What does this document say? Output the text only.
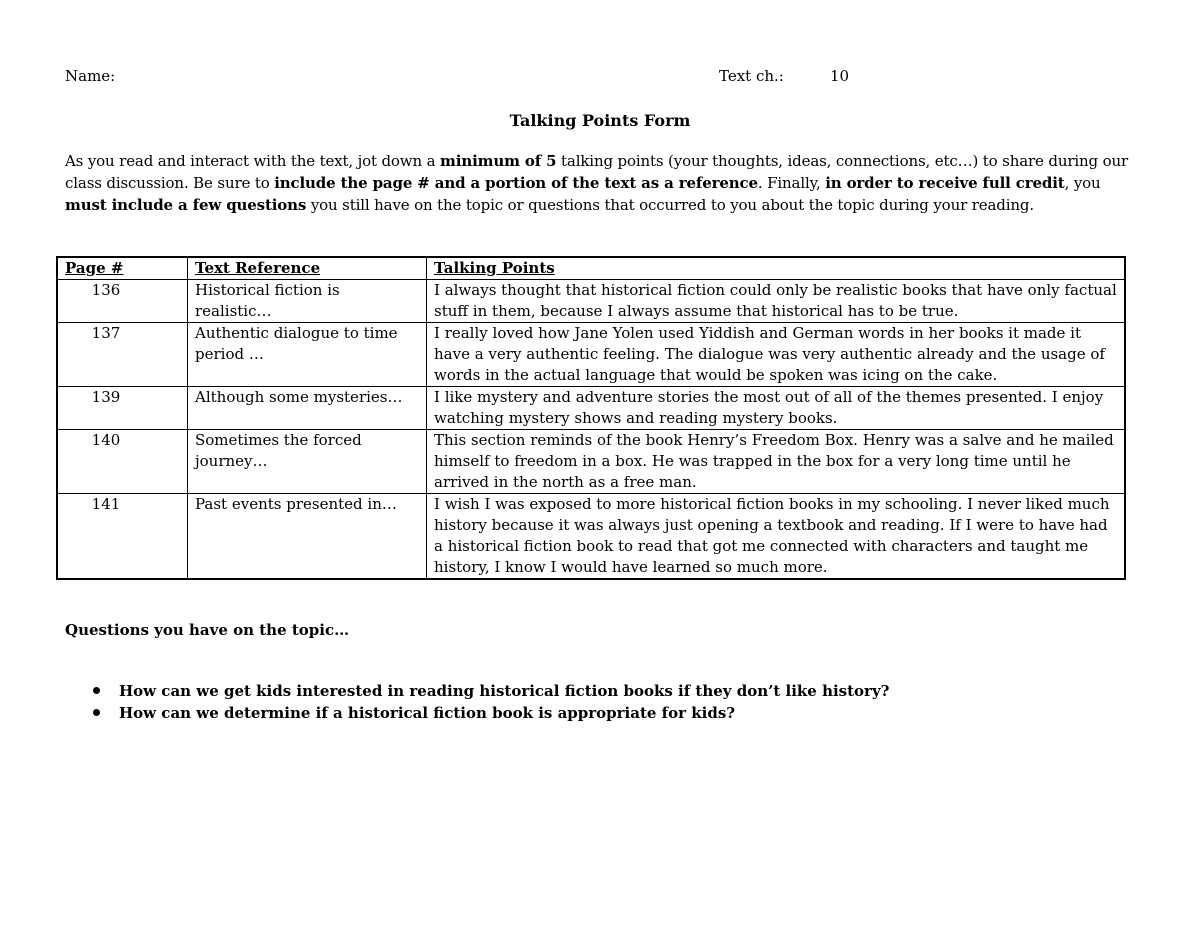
Name:	Text ch.:	10
Talking Points Form
As you read and interact with the text, jot down a minimum of 5 talking points (your thoughts, ideas, connections, etc…) to share during our class discussion. Be sure to include the page # and a portion of the text as a reference. Finally, in order to receive full credit, you must include a few questions you still have on the topic or questions that occurred to you about the topic during your reading.
Page #	Text Reference	Talking Points
136	Historical fiction is realistic…	I always thought that historical fiction could only be realistic books that have only factual stuff in them, because I always assume that historical has to be true.
137	Authentic dialogue to time period …	I really loved how Jane Yolen used Yiddish and German words in her books it made it have a very authentic feeling. The dialogue was very authentic already and the usage of words in the actual language that would be spoken was icing on the cake.
139	Although some mysteries…	I like mystery and adventure stories the most out of all of the themes presented. I enjoy watching mystery shows and reading mystery books.
140	Sometimes the forced journey…	This section reminds of the book Henry’s Freedom Box. Henry was a salve and he mailed himself to freedom in a box. He was trapped in the box for a very long time until he arrived in the north as a free man.
141	Past events presented in…	I wish I was exposed to more historical fiction books in my schooling. I never liked much history because it was always just opening a textbook and reading. If I were to have had a historical fiction book to read that got me connected with characters and taught me history, I know I would have learned so much more.
Questions you have on the topic…
How can we get kids interested in reading historical fiction books if they don’t like history?
How can we determine if a historical fiction book is appropriate for kids?
